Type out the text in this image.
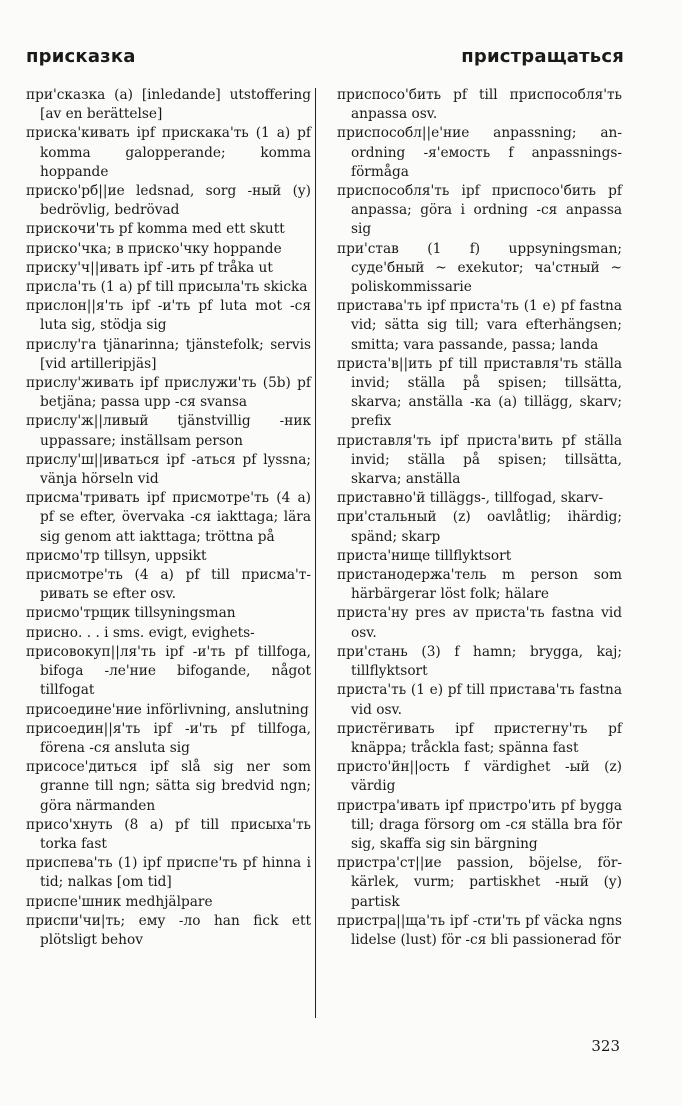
присказка	пристращаться

при'сказка (a) [inledande] utstoffering [av en berättelse]

приска'кивать ipf прискака'ть (1 a) pf komma galopperande; komma hoppande

приско'рб||ие ledsnad, sorg -ный (y) bedrövlig, bedrövad

прискочи'ть pf komma med ett skutt

приско'чка; в приско'чку hoppande

приску'ч||ивать ipf -ить pf tråka ut

присла'ть (1 a) pf till присыла'ть skicka

прислон||я'ть ipf -и'ть pf luta mot -ся luta sig, stödja sig

прислу'га tjänarinna; tjänstefolk; servis [vid artilleripjäs]

прислу'живать ipf прислужи'ть (5b) pf betjäna; passa upp -ся svansa

прислу'ж||ливый tjänstvillig -ник uppassare; inställsam person

прислу'ш||иваться ipf -аться pf lyssna; vänja hörseln vid

присма'тривать ipf присмотре'ть (4 a) pf se efter, övervaka -ся iakttaga; lära sig genom att iakttaga; tröttna på

присмо'тр tillsyn, uppsikt

присмотре'ть (4 a) pf till присма'тривать se efter osv.

присмо'трщик tillsyningsman

присно. . . i sms. evigt, evighets-

присовокуп||ля'ть ipf -и'ть pf tillfoga, bifoga -ле'ние bifogande, något tillfogat

присоедине'ние införlivning, anslutning

присоедин||я'ть ipf -и'ть pf tillfoga, förena -ся ansluta sig

присосе'диться ipf slå sig ner som granne till ngn; sätta sig bredvid ngn; göra närmanden

присо'хнуть (8 a) pf till присыха'ть torka fast

приспева'ть (1) ipf приспе'ть pf hinna i tid; nalkas [om tid]

приспе'шник medhjälpare

приспи'чи|ть; ему -ло han fick ett plötsligt behov

приспосо'бить pf till приспособля'ть anpassa osv.

приспособл||е'ние anpassning; anordning -я'емость f anpassningsförmåga

приспособля'ть ipf приспосо'бить pf anpassa; göra i ordning -ся anpassa sig

при'став (1 f) uppsyningsman; суде'бный ~ exekutor; ча'стный ~ poliskommissarie

пристава'ть ipf приста'ть (1 e) pf fastna vid; sätta sig till; vara efterhängsen; smitta; vara passande, passa; landa

приста'в||ить pf till приставля'ть ställa invid; ställa på spisen; tillsätta, skarva; anställa -ка (a) tillägg, skarv; prefix

приставля'ть ipf приста'вить pf ställa invid; ställa på spisen; tillsätta, skarva; anställa

приставно'й tilläggs-, tillfogad, skarv-

при'стальный (z) oavlåtlig; ihärdig; spänd; skarp

приста'нище tillflyktsort

пристанодержа'тель m person som härbärgerar löst folk; hälare

приста'ну pres av приста'ть fastna vid osv.

при'стань (3) f hamn; brygga, kaj; tillflyktsort

приста'ть (1 e) pf till пристава'ть fastna vid osv.

пристёгивать ipf пристегну'ть pf knäppa; tråckla fast; spänna fast

присто'йн||ость f värdighet -ый (z) värdig

пристра'ивать ipf пристро'ить pf bygga till; draga försorg om -ся ställa bra för sig, skaffa sig sin bärgning

пристра'ст||ие passion, böjelse, förkärlek, vurm; partiskhet -ный (y) partisk

пристра||ща'ть ipf -сти'ть pf väcka ngns lidelse (lust) för -ся bli passionerad för

323
